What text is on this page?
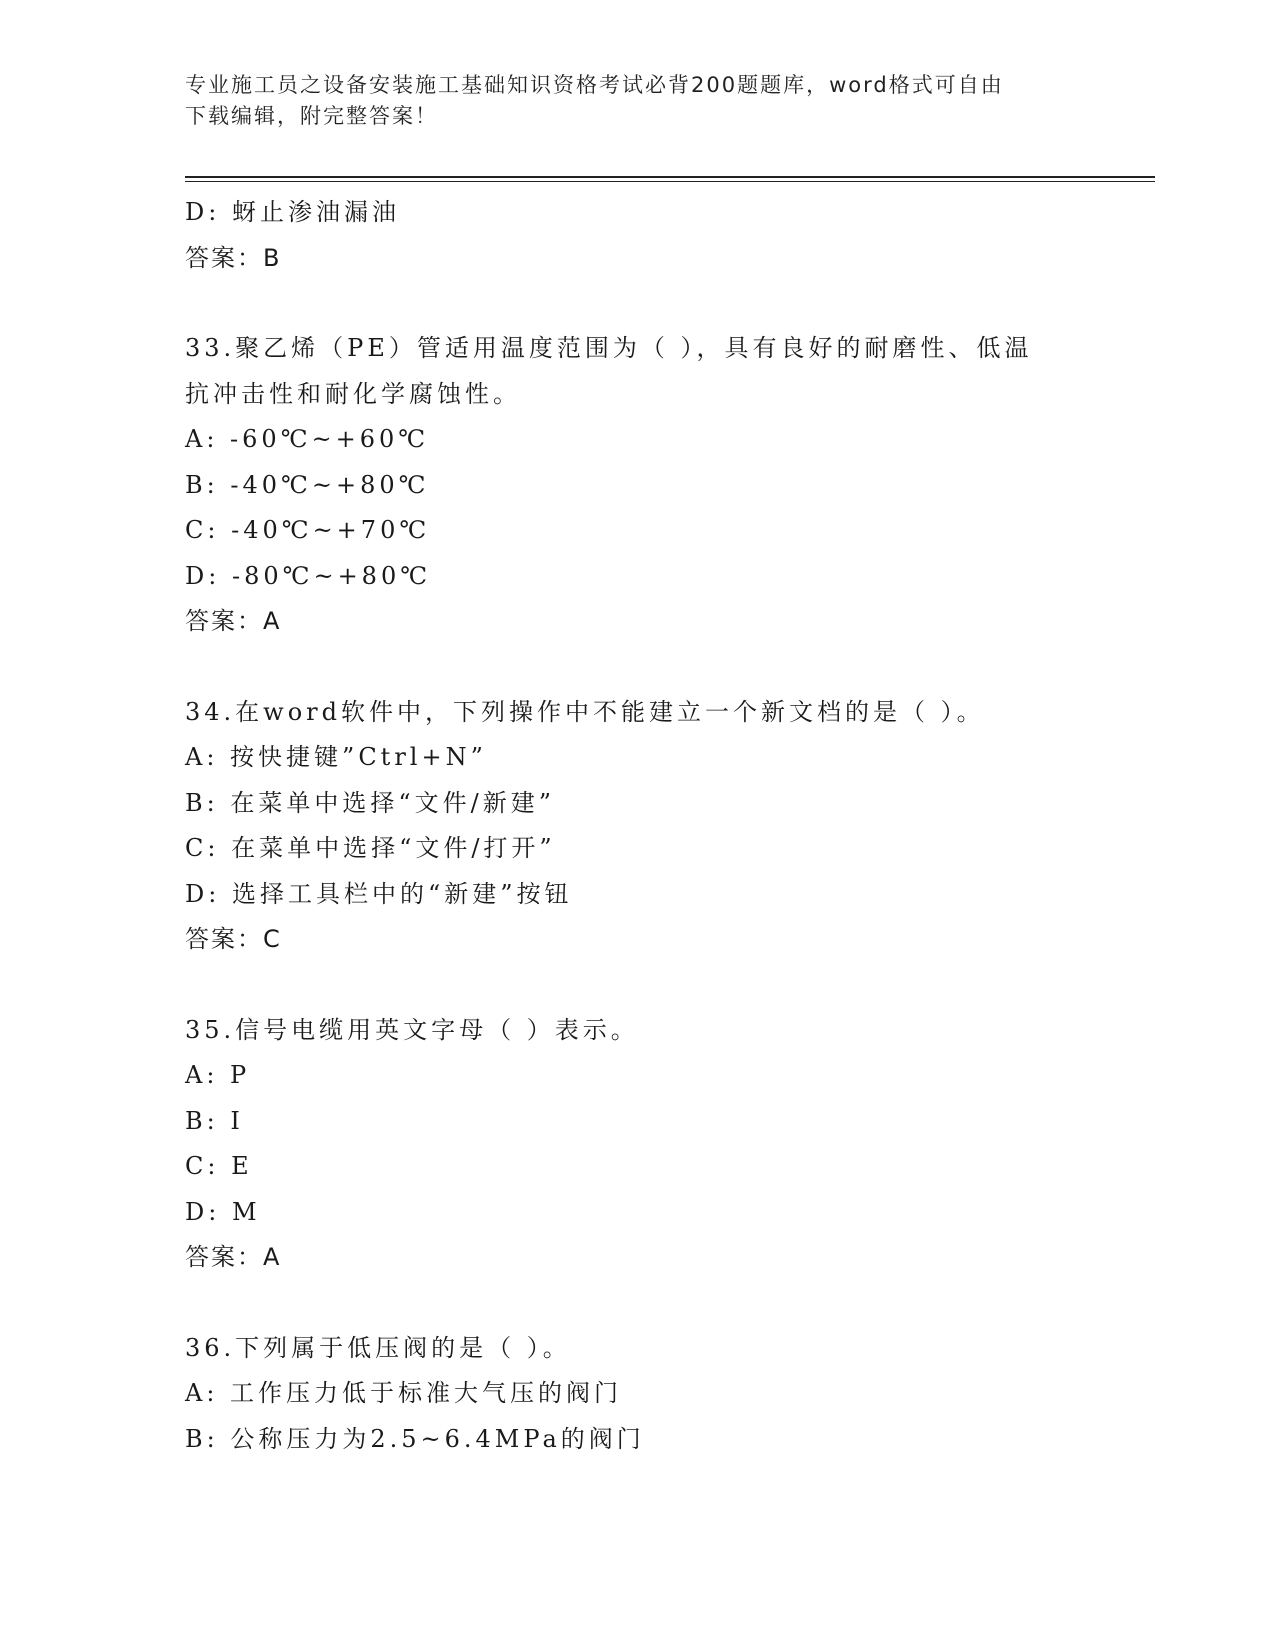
专业施工员之设备安装施工基础知识资格考试必背200题题库，word格式可自由
下载编辑，附完整答案！
D: 蚜止渗油漏油
答案：B
33.聚乙烯（PE）管适用温度范围为（ ），具有良好的耐磨性、低温
抗冲击性和耐化学腐蚀性。
A: -60℃~+60℃
B: -40℃~+80℃
C: -40℃~+70℃
D: -80℃~+80℃
答案：A
34.在word软件中，下列操作中不能建立一个新文档的是（ ）。
A: 按快捷键”Ctrl+N”
B: 在菜单中选择“文件/新建”
C: 在菜单中选择“文件/打开”
D: 选择工具栏中的“新建”按钮
答案：C
35.信号电缆用英文字母（ ）表示。
A: P
B: I
C: E
D: M
答案：A
36.下列属于低压阀的是（ ）。
A: 工作压力低于标准大气压的阀门
B: 公称压力为2.5~6.4MPa的阀门
